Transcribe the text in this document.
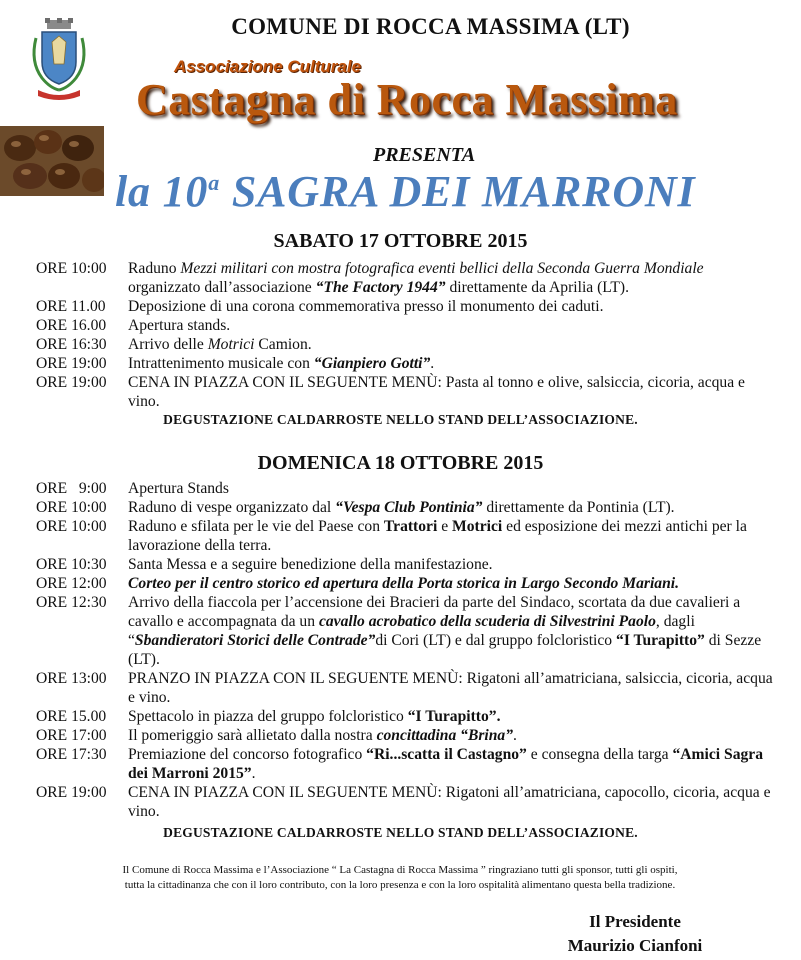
COMUNE DI ROCCA MASSIMA (LT)
Associazione Culturale
Castagna di Rocca Massima
PRESENTA
la 10$^a$ SAGRA DEI MARRONI
SABATO 17 OTTOBRE 2015
ORE 10:00	Raduno Mezzi militari con mostra fotografica eventi bellici della Seconda Guerra Mondiale organizzato dall’associazione “The Factory 1944” direttamente da Aprilia (LT).
ORE 11.00	Deposizione di una corona commemorativa presso il monumento dei caduti.
ORE 16.00	Apertura stands.
ORE 16:30	Arrivo delle Motrici Camion.
ORE 19:00	Intrattenimento musicale con “Gianpiero Gotti”.
ORE 19:00	CENA IN PIAZZA CON IL SEGUENTE MENÙ: Pasta al tonno e olive, salsiccia, cicoria, acqua e vino.
DEGUSTAZIONE CALDARROSTE NELLO STAND DELL’ASSOCIAZIONE.
DOMENICA 18 OTTOBRE 2015
ORE   9:00	Apertura Stands
ORE 10:00	Raduno di vespe organizzato dal “Vespa Club Pontinia” direttamente da Pontinia (LT).
ORE 10:00	Raduno e sfilata per le vie del Paese con Trattori e Motrici ed esposizione dei mezzi antichi per la lavorazione della terra.
ORE 10:30	Santa Messa e a seguire benedizione della manifestazione.
ORE 12:00	Corteo per il centro storico ed apertura della Porta storica in Largo Secondo Mariani.
ORE 12:30	Arrivo della fiaccola per l’accensione dei Bracieri da parte del Sindaco, scortata da due cavalieri a cavallo e accompagnata da un cavallo acrobatico della scuderia di Silvestrini Paolo, dagli “Sbandieratori Storici delle Contrade”di Cori (LT) e dal gruppo folcloristico “I Turapitto” di Sezze (LT).
ORE 13:00	PRANZO IN PIAZZA CON IL SEGUENTE MENÙ: Rigatoni all’amatriciana, salsiccia, cicoria, acqua e vino.
ORE 15.00	Spettacolo in piazza del gruppo folcloristico “I Turapitto”.
ORE 17:00	Il pomeriggio sarà allietato dalla nostra concittadina “Brina”.
ORE 17:30	Premiazione del concorso fotografico “Ri...scatta il Castagno” e consegna della targa “Amici Sagra dei Marroni 2015”.
ORE 19:00	CENA IN PIAZZA CON IL SEGUENTE MENÙ: Rigatoni all’amatriciana, capocollo, cicoria, acqua e vino.
DEGUSTAZIONE CALDARROSTE NELLO STAND DELL’ASSOCIAZIONE.
Il Comune di Rocca Massima e l’Associazione “ La Castagna di Rocca Massima ” ringraziano tutti gli sponsor, tutti gli ospiti,
tutta la cittadinanza che con il loro contributo, con la loro presenza e con la loro ospitalità alimentano questa bella tradizione.
Il Presidente
Maurizio Cianfoni
